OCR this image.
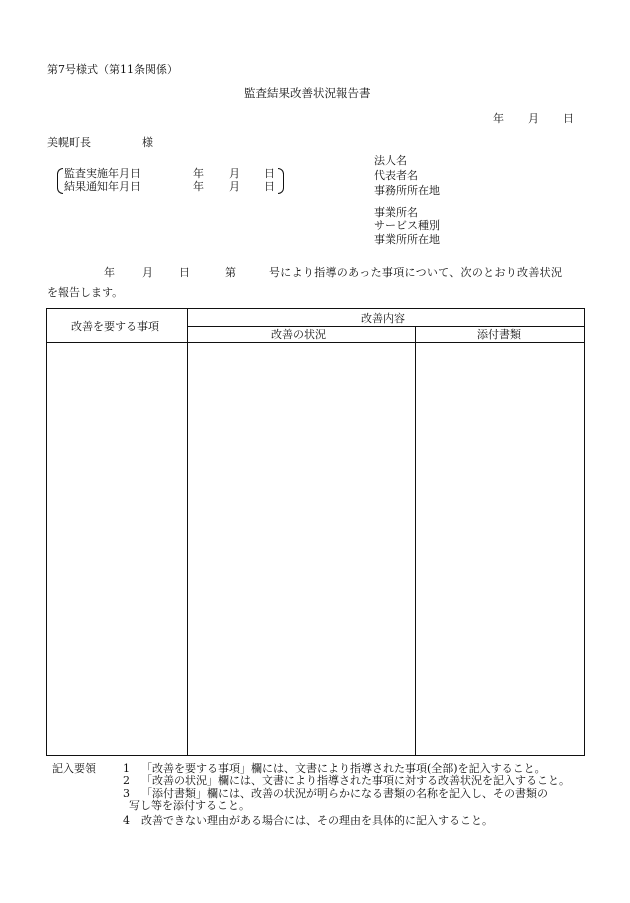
第7号様式（第11条関係）
監査結果改善状況報告書
年 月 日
美幌町長	様
監査実施年月日	年 月 日
結果通知年月日	年 月 日
法人名
代表者名
事務所所在地
事業所名
サービス種別
事業所所在地
年 月 日	第	号により指導のあった事項について、次のとおり改善状況
を報告します。
改善を要する事項
改善内容
改善の状況	添付書類
記入要領 1 「改善を要する事項」欄には、文書により指導された事項(全部)を記入すること。
2 「改善の状況」欄には、文書により指導された事項に対する改善状況を記入すること。
3 「添付書類」欄には、改善の状況が明らかになる書類の名称を記入し、その書類の
写し等を添付すること。
4 改善できない理由がある場合には、その理由を具体的に記入すること。
